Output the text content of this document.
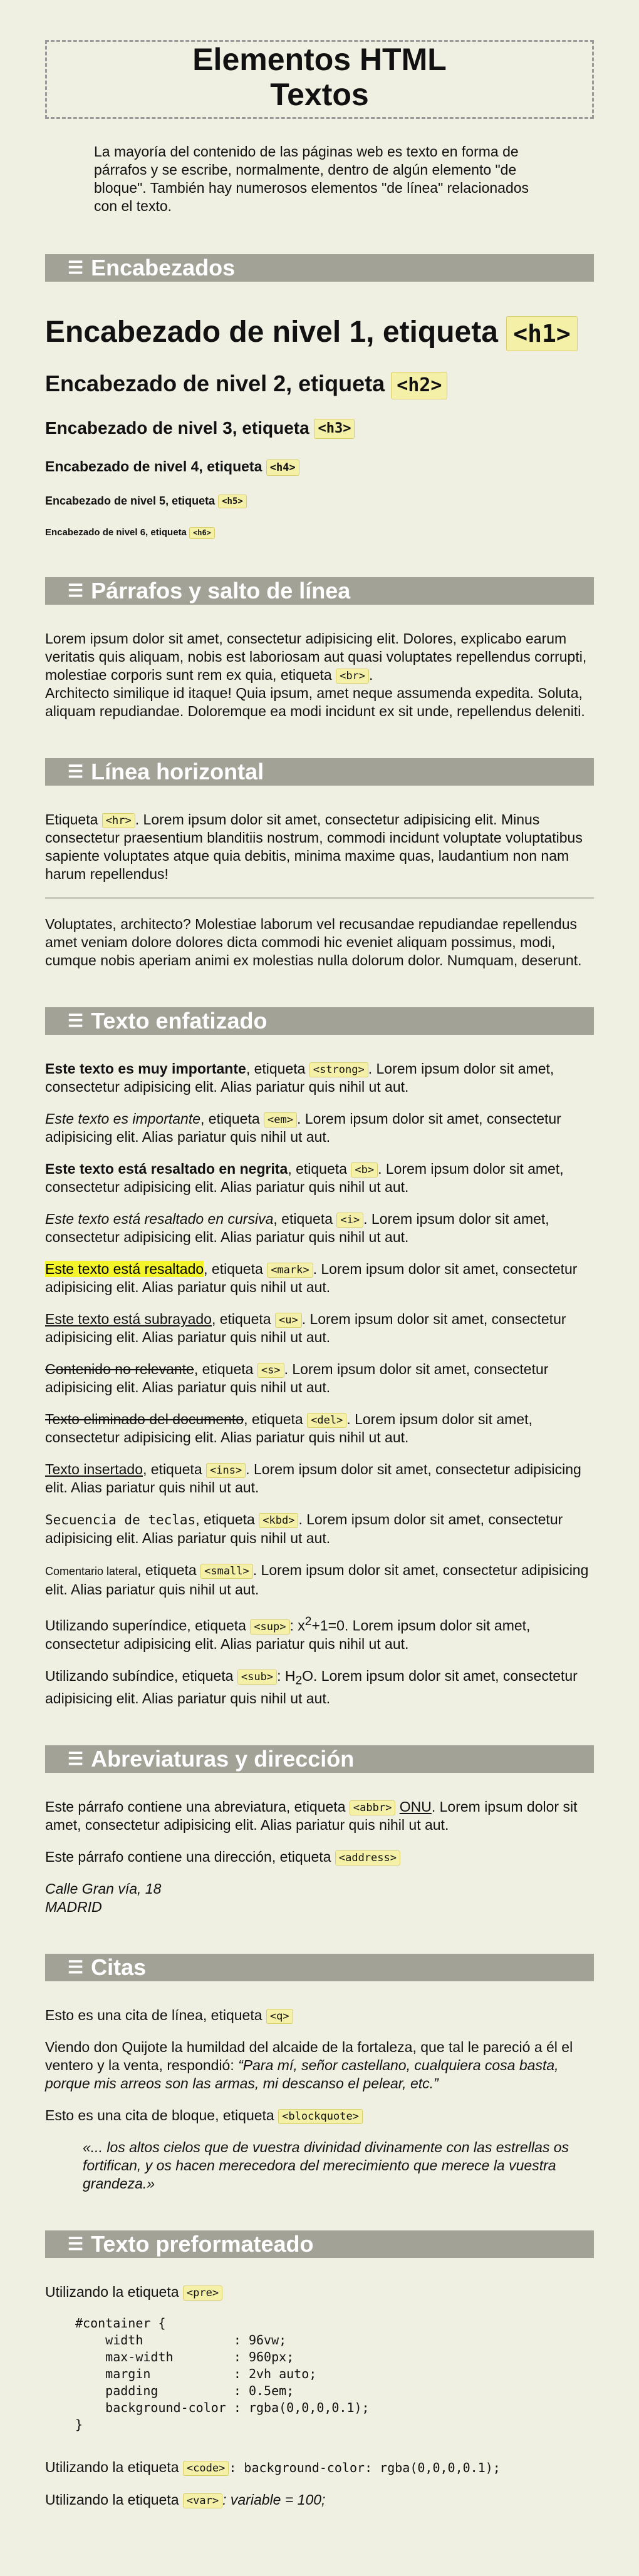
Elementos HTML
Textos

La mayoría del contenido de las páginas web es texto en forma de párrafos y se escribe, normalmente, dentro de algún elemento "de bloque". También hay numerosos elementos "de línea" relacionados con el texto.

☰ Encabezados
Encabezado de nivel 1, etiqueta <h1>
Encabezado de nivel 2, etiqueta <h2>
Encabezado de nivel 3, etiqueta <h3>
Encabezado de nivel 4, etiqueta <h4>
Encabezado de nivel 5, etiqueta <h5>
Encabezado de nivel 6, etiqueta <h6>
☰ Párrafos y salto de línea

Lorem ipsum dolor sit amet, consectetur adipisicing elit. Dolores, explicabo earum veritatis quis aliquam, nobis est laboriosam aut quasi voluptates repellendus corrupti, molestiae corporis sunt rem ex quia, etiqueta <br> .
Architecto similique id itaque! Quia ipsum, amet neque assumenda expedita. Soluta, aliquam repudiandae. Doloremque ea modi incidunt ex sit unde, repellendus deleniti.

☰ Línea horizontal

Etiqueta <hr> . Lorem ipsum dolor sit amet, consectetur adipisicing elit. Minus consectetur praesentium blanditiis nostrum, commodi incidunt voluptate voluptatibus sapiente voluptates atque quia debitis, minima maxime quas, laudantium non nam harum repellendus!

Voluptates, architecto? Molestiae laborum vel recusandae repudiandae repellendus amet veniam dolore dolores dicta commodi hic eveniet aliquam possimus, modi, cumque nobis aperiam animi ex molestias nulla dolorum dolor. Numquam, deserunt.

☰ Texto enfatizado

Este texto es muy importante, etiqueta <strong> . Lorem ipsum dolor sit amet, consectetur adipisicing elit. Alias pariatur quis nihil ut aut.

Este texto es importante, etiqueta <em> . Lorem ipsum dolor sit amet, consectetur adipisicing elit. Alias pariatur quis nihil ut aut.

Este texto está resaltado en negrita, etiqueta <b> . Lorem ipsum dolor sit amet, consectetur adipisicing elit. Alias pariatur quis nihil ut aut.

Este texto está resaltado en cursiva, etiqueta <i> . Lorem ipsum dolor sit amet, consectetur adipisicing elit. Alias pariatur quis nihil ut aut.

Este texto está resaltado, etiqueta <mark> . Lorem ipsum dolor sit amet, consectetur adipisicing elit. Alias pariatur quis nihil ut aut.

Este texto está subrayado, etiqueta <u> . Lorem ipsum dolor sit amet, consectetur adipisicing elit. Alias pariatur quis nihil ut aut.

Contenido no relevante, etiqueta <s> . Lorem ipsum dolor sit amet, consectetur adipisicing elit. Alias pariatur quis nihil ut aut.

Texto eliminado del documento, etiqueta <del> . Lorem ipsum dolor sit amet, consectetur adipisicing elit. Alias pariatur quis nihil ut aut.

Texto insertado, etiqueta <ins> . Lorem ipsum dolor sit amet, consectetur adipisicing elit. Alias pariatur quis nihil ut aut.

Secuencia de teclas, etiqueta <kbd> . Lorem ipsum dolor sit amet, consectetur adipisicing elit. Alias pariatur quis nihil ut aut.

Comentario lateral, etiqueta <small> . Lorem ipsum dolor sit amet, consectetur adipisicing elit. Alias pariatur quis nihil ut aut.

Utilizando superíndice, etiqueta <sup> : $x^2+1=0$. Lorem ipsum dolor sit amet, consectetur adipisicing elit. Alias pariatur quis nihil ut aut.

Utilizando subíndice, etiqueta <sub> : $H_2O$. Lorem ipsum dolor sit amet, consectetur adipisicing elit. Alias pariatur quis nihil ut aut.

☰ Abreviaturas y dirección

Este párrafo contiene una abreviatura, etiqueta <abbr> ONU. Lorem ipsum dolor sit amet, consectetur adipisicing elit. Alias pariatur quis nihil ut aut.

Este párrafo contiene una dirección, etiqueta <address>

Calle Gran vía, 18
MADRID
☰ Citas

Esto es una cita de línea, etiqueta <q>

Viendo don Quijote la humildad del alcaide de la fortaleza, que tal le pareció a él el ventero y la venta, respondió: “Para mí, señor castellano, cualquiera cosa basta, porque mis arreos son las armas, mi descanso el pelear, etc.”

Esto es una cita de bloque, etiqueta <blockquote>

«... los altos cielos que de vuestra divinidad divinamente con las estrellas os fortifican, y os hacen merecedora del merecimiento que merece la vuestra grandeza.»
☰ Texto preformateado

Utilizando la etiqueta <pre>

#container {
width            : 96vw;
max-width        : 960px;
margin           : 2vh auto;
padding          : 0.5em;
background-color : rgba(0,0,0,0.1);
}

Utilizando la etiqueta <code> : background-color: rgba(0,0,0,0.1);

Utilizando la etiqueta <var> : variable = 100;
